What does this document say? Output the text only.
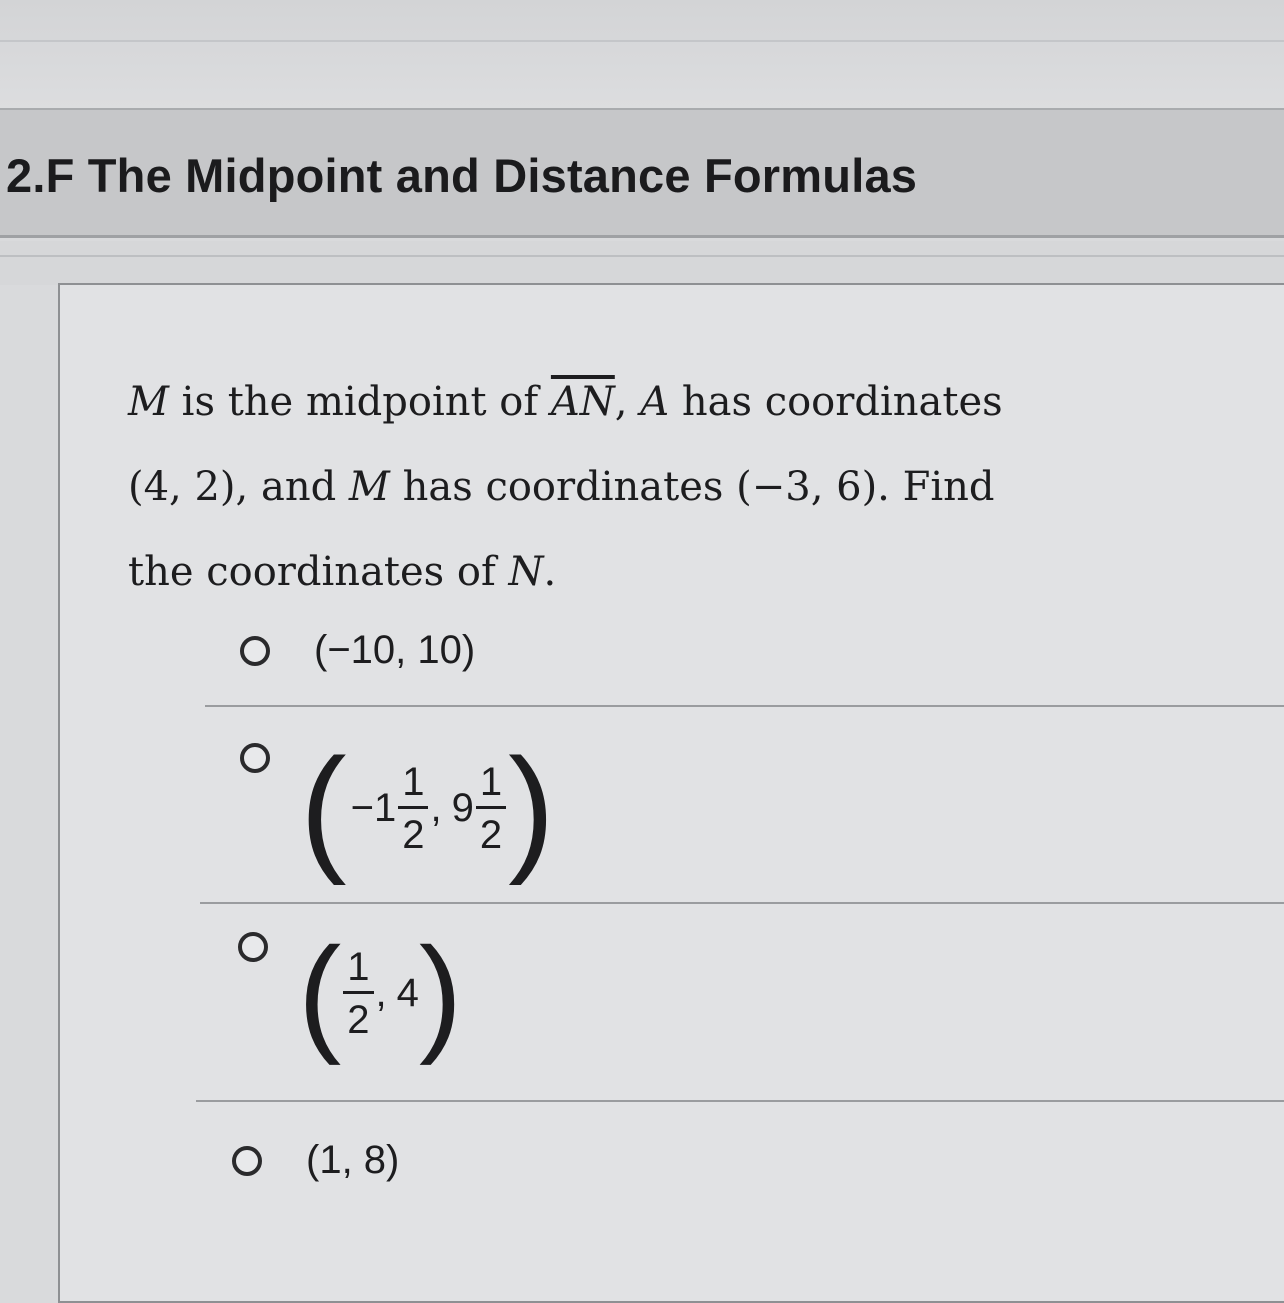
2.F The Midpoint and Distance Formulas
M is the midpoint of $\overline{AN}$, A has coordinates
(4, 2), and M has coordinates (−3, 6). Find
the coordinates of N.
(−10, 10)
( $-1 \frac{1}{2}$ , $9 \frac{1}{2}$ )
( $\frac{1}{2}$ , 4 )
(1, 8)
